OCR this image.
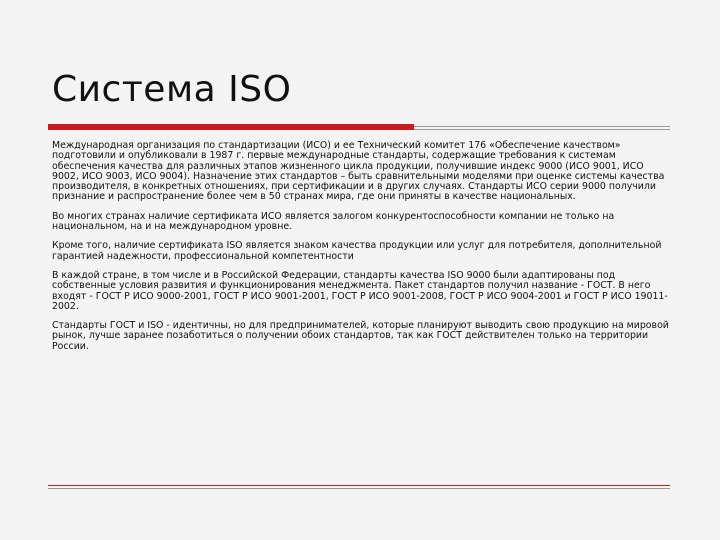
Система ISO

Международная организация по стандартизации (ИСО) и ее Технический комитет 176 «Обеспечение качеством» подготовили и опубликовали в 1987 г. первые международные стандарты, содержащие требования к системам обеспечения качества для различных этапов жизненного цикла продукции, получившие индекс 9000 (ИСО 9001, ИСО 9002, ИСО 9003, ИСО 9004). Назначение этих стандартов – быть сравнительными моделями при оценке системы качества производителя, в конкретных отношениях, при сертификации и в других случаях. Стандарты ИСО серии 9000 получили признание и распространение более чем в 50 странах мира, где они приняты в качестве национальных.

Во многих странах наличие сертификата ИСО является залогом конкурентоспособности компании не только на национальном, на и на международном уровне.

Кроме того, наличие сертификата ISO является знаком качества продукции или услуг для потребителя, дополнительной гарантией надежности, профессиональной компетентности

В каждой стране, в том числе и в Российской Федерации, стандарты качества ISO 9000 были адаптированы под собственные условия развития и функционирования менеджмента. Пакет стандартов получил название - ГОСТ. В него входят - ГОСТ Р ИСО 9000-2001, ГОСТ Р ИСО 9001-2001, ГОСТ Р ИСО 9001-2008, ГОСТ Р ИСО 9004-2001 и ГОСТ Р ИСО 19011-2002.

Стандарты ГОСТ и ISO - идентичны, но для предпринимателей, которые планируют выводить свою продукцию на мировой рынок, лучше заранее позаботиться о получении обоих стандартов, так как ГОСТ действителен только на территории России.
